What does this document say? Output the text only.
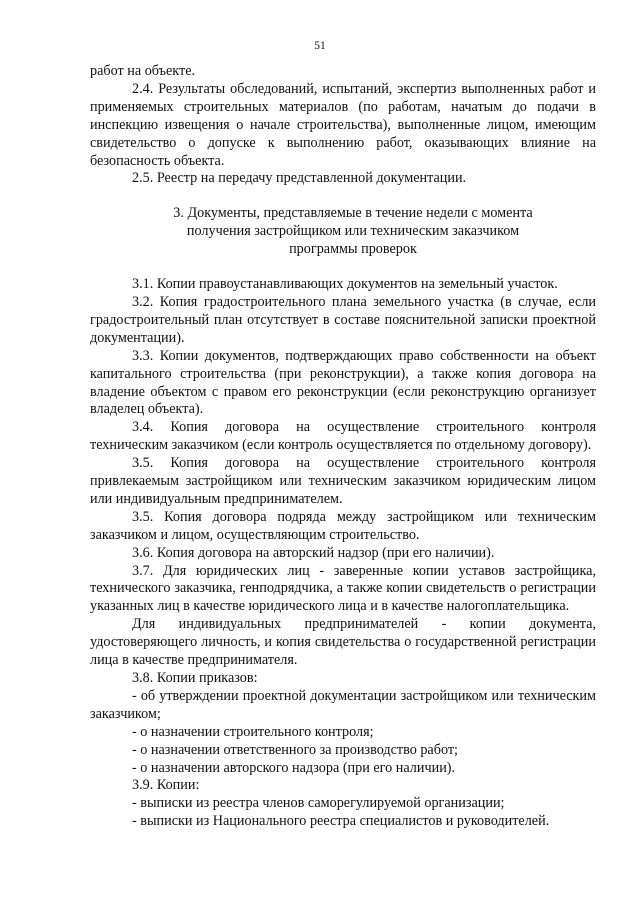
51

работ на объекте.

2.4. Результаты обследований, испытаний, экспертиз выполненных работ и применяемых строительных материалов (по работам, начатым до подачи в инспекцию извещения о начале строительства), выполненные лицом, имеющим свидетельство о допуске к выполнению работ, оказывающих влияние на безопасность объекта.

2.5. Реестр на передачу представленной документации.

3. Документы, представляемые в течение недели с момента
получения застройщиком или техническим заказчиком
программы проверок

3.1. Копии правоустанавливающих документов на земельный участок.

3.2. Копия градостроительного плана земельного участка (в случае, если градостроительный план отсутствует в составе пояснительной записки проектной документации).

3.3. Копии документов, подтверждающих право собственности на объект капитального строительства (при реконструкции), а также копия договора на владение объектом с правом его реконструкции (если реконструкцию организует владелец объекта).

3.4. Копия договора на осуществление строительного контроля техническим заказчиком (если контроль осуществляется по отдельному договору).

3.5. Копия договора на осуществление строительного контроля привлекаемым застройщиком или техническим заказчиком юридическим лицом или индивидуальным предпринимателем.

3.5. Копия договора подряда между застройщиком или техническим заказчиком и лицом, осуществляющим строительство.

3.6. Копия договора на авторский надзор (при его наличии).

3.7. Для юридических лиц - заверенные копии уставов застройщика, технического заказчика, генподрядчика, а также копии свидетельств о регистрации указанных лиц в качестве юридического лица и в качестве налогоплательщика.

Для индивидуальных предпринимателей - копии документа, удостоверяющего личность, и копия свидетельства о государственной регистрации лица в качестве предпринимателя.

3.8. Копии приказов:

- об утверждении проектной документации застройщиком или техническим заказчиком;

- о назначении строительного контроля;

- о назначении ответственного за производство работ;

- о назначении авторского надзора (при его наличии).

3.9. Копии:

- выписки из реестра членов саморегулируемой организации;

- выписки из Национального реестра специалистов и руководителей.
